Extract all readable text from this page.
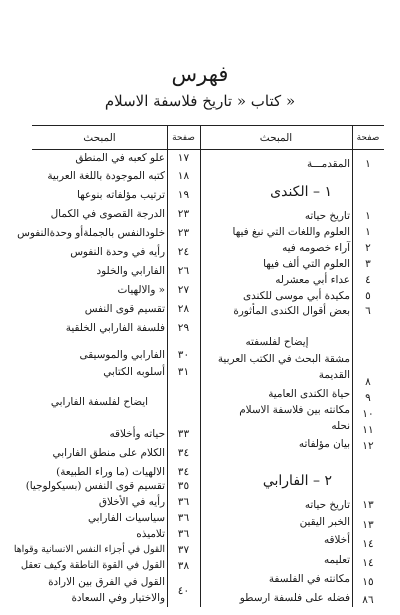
فهرس
كتاب « تاريخ فلاسفة الاسلام »
صفحة
المبحث
صفحة
المبحث
١
المقدمـــة
١ – الكندى
١
تاريخ حياته
١
العلوم واللغات التي نبغ فيها
٢
آراء خصومه فيه
٣
العلوم التي ألف فيها
٤
عداء أبي معشرله
٥
مكيدة أبي موسى للكندى
٦
بعض أقوال الكندى المأثورة
إيضاح لفلسفته
مشقة البحث في الكتب العربية
٨
القديمة
٩
حياة الكندى العامية
١٠
مكانته بين فلاسفة الاسلام
١١
نحله
١٢
بيان مؤلفاته
٢ – الفارابي
١٣
تاريخ حياته
١٣
الخبر اليقين
١٤
أخلاقه
١٤
تعليمه
١٥
مكانته في الفلسفة
٨٦
فضله على فلسفة ارسطو
١٧
علو كعبه في المنطق
١٨
كتبه الموجودة باللغة العربية
١٩
ترتيب مؤلفاته بنوعها
٢٣
الدرجة القصوى في الكمال
٢٣
خلودالنفس بالجملةأو وحدةالنفوس
٢٤
رأيه في وحدة النفوس
٢٦
الفارابي والخلود
٢٧
« والالهيات
٢٨
تقسيم قوى النفس
٢٩
فلسفة الفارابي الخلقية
٣٠
الفارابي والموسيقى
٣١
أسلوبه الكتابي
ايضاح لفلسفة الفارابي
٣٣
حياته وأخلاقه
٣٤
الكلام على منطق الفارابي
٣٤
الالهيات (ما وراء الطبيعة)
٣٥
تقسيم قوى النفس (بسيكولوجيا)
٣٦
رأيه في الأخلاق
٣٦
سياسيات الفارابي
٣٦
تلاميذه
٣٧
القول في أجزاء النفس الانسانية وقواها
٣٨
القول في القوة الناطقة وكيف تعقل
القول في الفرق بين الارادة
٤٠
والاختيار وفي السعادة
